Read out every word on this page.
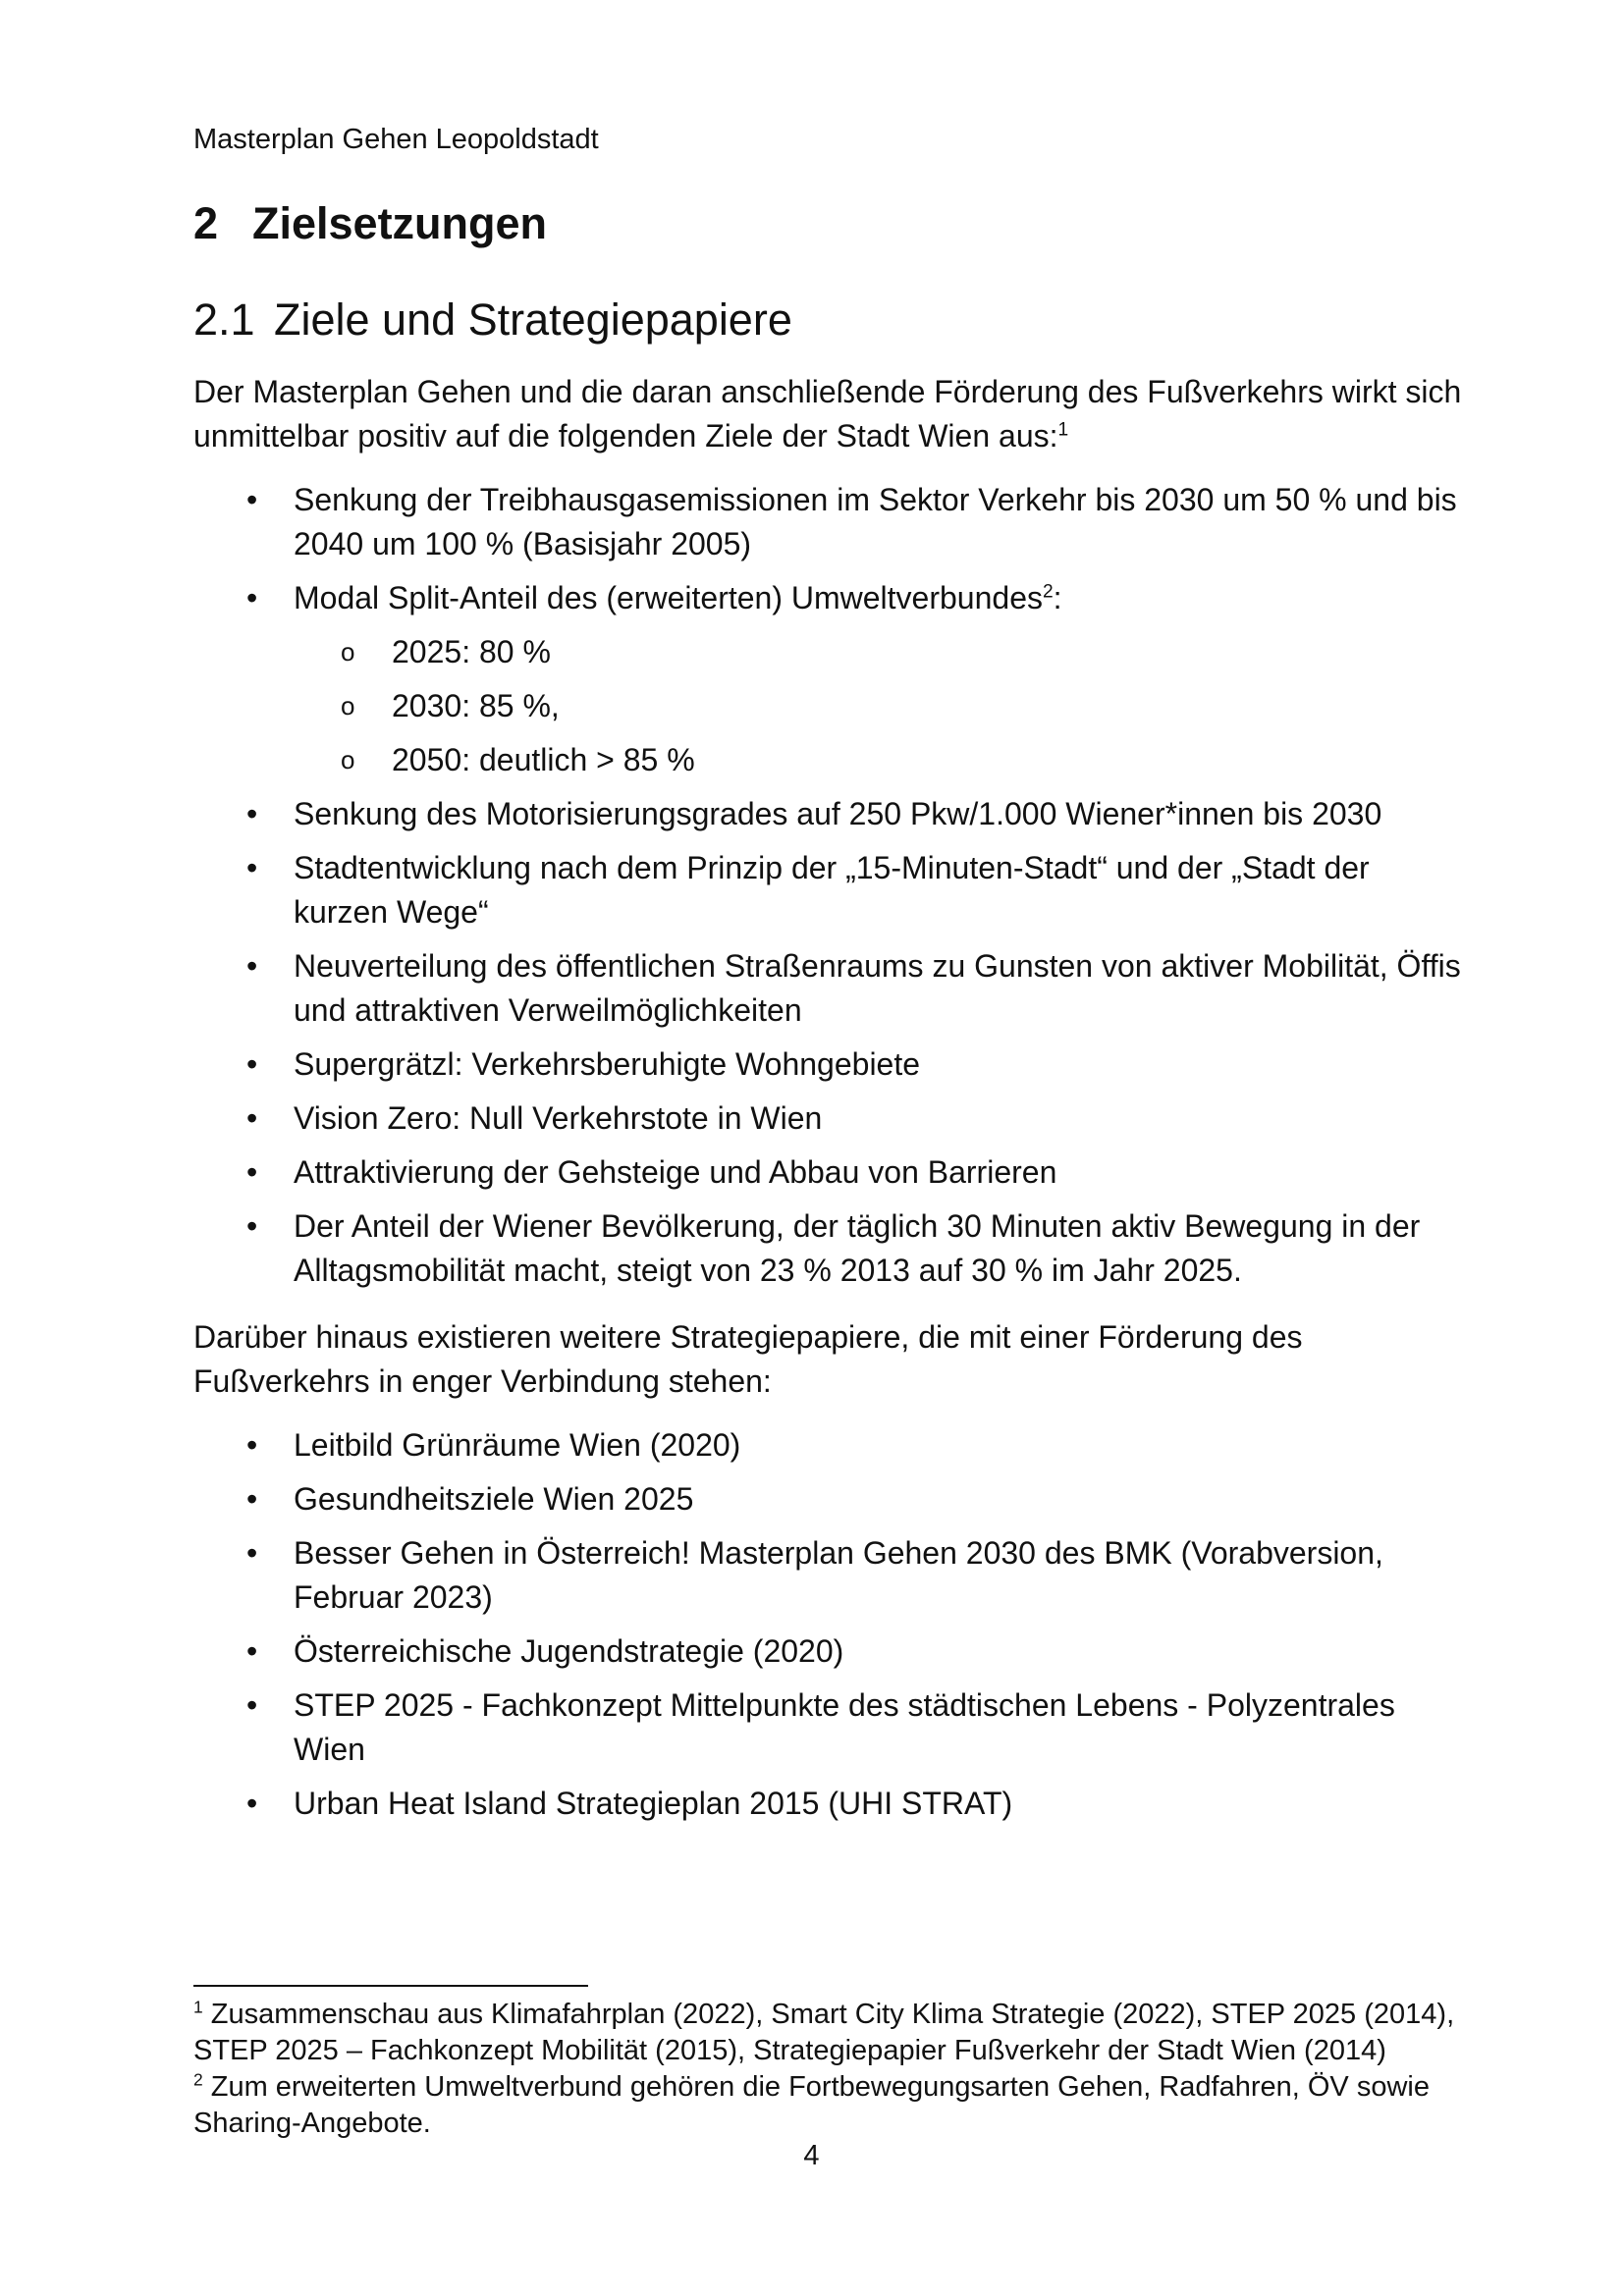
Masterplan Gehen Leopoldstadt
2 Zielsetzungen
2.1 Ziele und Strategiepapiere

Der Masterplan Gehen und die daran anschließende Förderung des Fußverkehrs wirkt sich unmittelbar positiv auf die folgenden Ziele der Stadt Wien aus:$^1$

• Senkung der Treibhausgasemissionen im Sektor Verkehr bis 2030 um 50 % und bis 2040 um 100 % (Basisjahr 2005)
• Modal Split-Anteil des (erweiterten) Umweltverbundes$^2$:
o 2025: 80 %
o 2030: 85 %,
o 2050: deutlich > 85 %
• Senkung des Motorisierungsgrades auf 250 Pkw/1.000 Wiener*innen bis 2030
• Stadtentwicklung nach dem Prinzip der „15-Minuten-Stadt“ und der „Stadt der kurzen Wege“
• Neuverteilung des öffentlichen Straßenraums zu Gunsten von aktiver Mobilität, Öffis und attraktiven Verweilmöglichkeiten
• Supergrätzl: Verkehrsberuhigte Wohngebiete
• Vision Zero: Null Verkehrstote in Wien
• Attraktivierung der Gehsteige und Abbau von Barrieren
• Der Anteil der Wiener Bevölkerung, der täglich 30 Minuten aktiv Bewegung in der Alltagsmobilität macht, steigt von 23 % 2013 auf 30 % im Jahr 2025.

Darüber hinaus existieren weitere Strategiepapiere, die mit einer Förderung des Fußverkehrs in enger Verbindung stehen:

• Leitbild Grünräume Wien (2020)
• Gesundheitsziele Wien 2025
• Besser Gehen in Österreich! Masterplan Gehen 2030 des BMK (Vorabversion, Februar 2023)
• Österreichische Jugendstrategie (2020)
• STEP 2025 - Fachkonzept Mittelpunkte des städtischen Lebens - Polyzentrales Wien
• Urban Heat Island Strategieplan 2015 (UHI STRAT)

$^1$ Zusammenschau aus Klimafahrplan (2022), Smart City Klima Strategie (2022), STEP 2025 (2014), STEP 2025 – Fachkonzept Mobilität (2015), Strategiepapier Fußverkehr der Stadt Wien (2014)

$^2$ Zum erweiterten Umweltverbund gehören die Fortbewegungsarten Gehen, Radfahren, ÖV sowie Sharing-Angebote.

4
